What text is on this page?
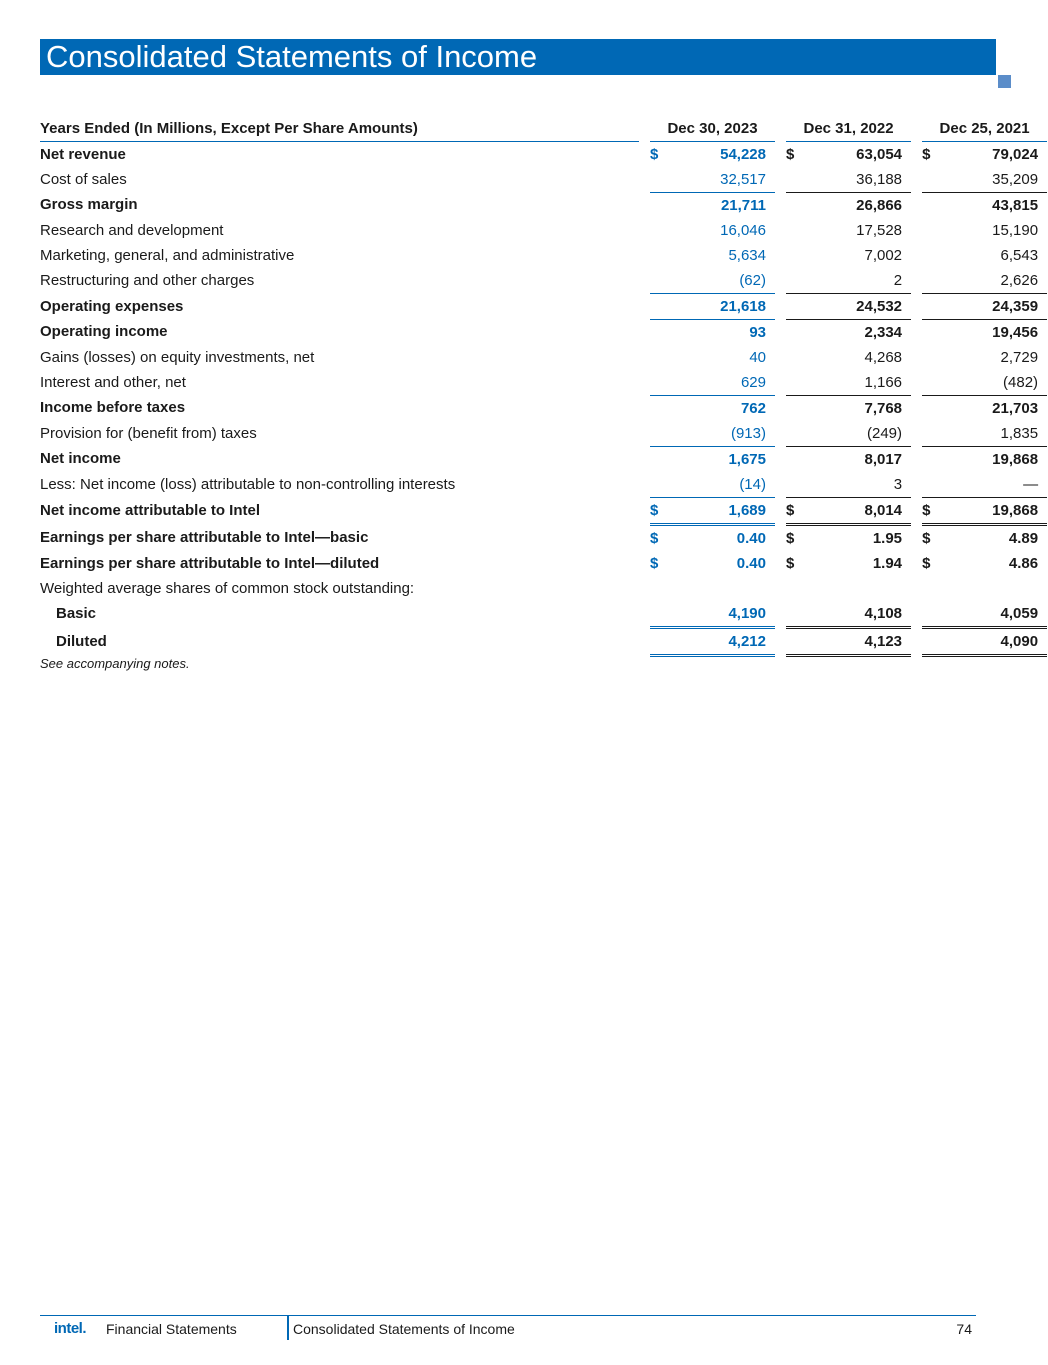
Consolidated Statements of Income
Years Ended (In Millions, Except Per Share Amounts)		Dec 30, 2023				Dec 31, 2022				Dec 25, 2021		
Net revenue		$	54,228			$	63,054			$	79,024	
Cost of sales			32,517				36,188				35,209	
Gross margin			21,711				26,866				43,815	
Research and development			16,046				17,528				15,190	
Marketing, general, and administrative			5,634				7,002				6,543	
Restructuring and other charges			(62)				2				2,626	
Operating expenses			21,618				24,532				24,359	
Operating income			93				2,334				19,456	
Gains (losses) on equity investments, net			40				4,268				2,729	
Interest and other, net			629				1,166				(482)	
Income before taxes			762				7,768				21,703	
Provision for (benefit from) taxes			(913)				(249)				1,835	
Net income			1,675				8,017				19,868	
Less: Net income (loss) attributable to non-controlling interests			(14)				3				—	
Net income attributable to Intel		$	1,689			$	8,014			$	19,868	
Earnings per share attributable to Intel—basic		$	0.40			$	1.95			$	4.89	
Earnings per share attributable to Intel—diluted		$	0.40			$	1.94			$	4.86	
Weighted average shares of common stock outstanding:												
Basic			4,190				4,108				4,059	
Diluted			4,212				4,123				4,090	
See accompanying notes.
intel. Financial Statements	Consolidated Statements of Income	74
